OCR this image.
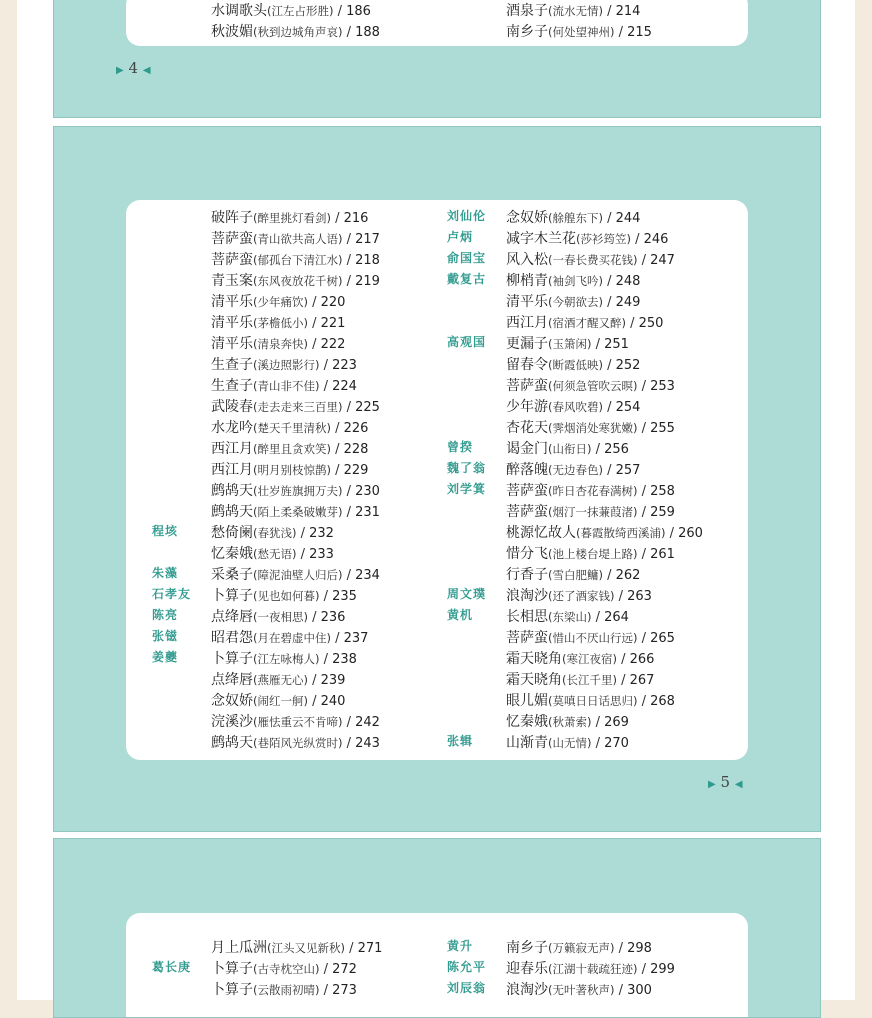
水调歌头(江左占形胜) / 186
秋波媚(秋到边城角声哀) / 188
酒泉子(流水无情) / 214
南乡子(何处望神州) / 215
▶ 4 ◀
破阵子(醉里挑灯看剑) / 216
菩萨蛮(青山欲共高人语) / 217
菩萨蛮(郁孤台下清江水) / 218
青玉案(东风夜放花千树) / 219
清平乐(少年痛饮) / 220
清平乐(茅檐低小) / 221
清平乐(清泉奔快) / 222
生查子(溪边照影行) / 223
生查子(青山非不佳) / 224
武陵春(走去走来三百里) / 225
水龙吟(楚天千里清秋) / 226
西江月(醉里且贪欢笑) / 228
西江月(明月别枝惊鹊) / 229
鹧鸪天(壮岁旌旗拥万夫) / 230
鹧鸪天(陌上柔桑破嫩芽) / 231
程垓 愁倚阑(春犹浅) / 232
忆秦娥(愁无语) / 233
朱藻 采桑子(障泥油壁人归后) / 234
石孝友 卜算子(见也如何暮) / 235
陈亮 点绛唇(一夜相思) / 236
张镃 昭君怨(月在碧虚中住) / 237
姜夔 卜算子(江左咏梅人) / 238
点绛唇(燕雁无心) / 239
念奴娇(闹红一舸) / 240
浣溪沙(雁怯重云不肯啼) / 242
鹧鸪天(巷陌风光纵赏时) / 243
刘仙伦 念奴娇(艅艎东下) / 244
卢炳 减字木兰花(莎衫筠笠) / 246
俞国宝 风入松(一春长费买花钱) / 247
戴复古 柳梢青(袖剑飞吟) / 248
清平乐(今朝欲去) / 249
西江月(宿酒才醒又醉) / 250
高观国 更漏子(玉箫闲) / 251
留春令(断霞低映) / 252
菩萨蛮(何须急管吹云暝) / 253
少年游(春风吹碧) / 254
杏花天(霁烟消处寒犹嫩) / 255
曾揆 谒金门(山衔日) / 256
魏了翁 醉落魄(无边春色) / 257
刘学箕 菩萨蛮(昨日杏花春满树) / 258
菩萨蛮(烟汀一抹蒹葭渚) / 259
桃源忆故人(暮霞散绮西溪浦) / 260
惜分飞(池上楼台堤上路) / 261
行香子(雪白肥鳙) / 262
周文璞 浪淘沙(还了酒家钱) / 263
黄机 长相思(东梁山) / 264
菩萨蛮(惜山不厌山行远) / 265
霜天晓角(寒江夜宿) / 266
霜天晓角(长江千里) / 267
眼儿媚(莫嗔日日话思归) / 268
忆秦娥(秋萧索) / 269
张辑 山渐青(山无情) / 270
▶ 5 ◀
月上瓜洲(江头又见新秋) / 271
葛长庚 卜算子(古寺枕空山) / 272
卜算子(云散雨初晴) / 273
黄升 南乡子(万籁寂无声) / 298
陈允平 迎春乐(江湖十载疏狂迹) / 299
刘辰翁 浪淘沙(无叶著秋声) / 300
